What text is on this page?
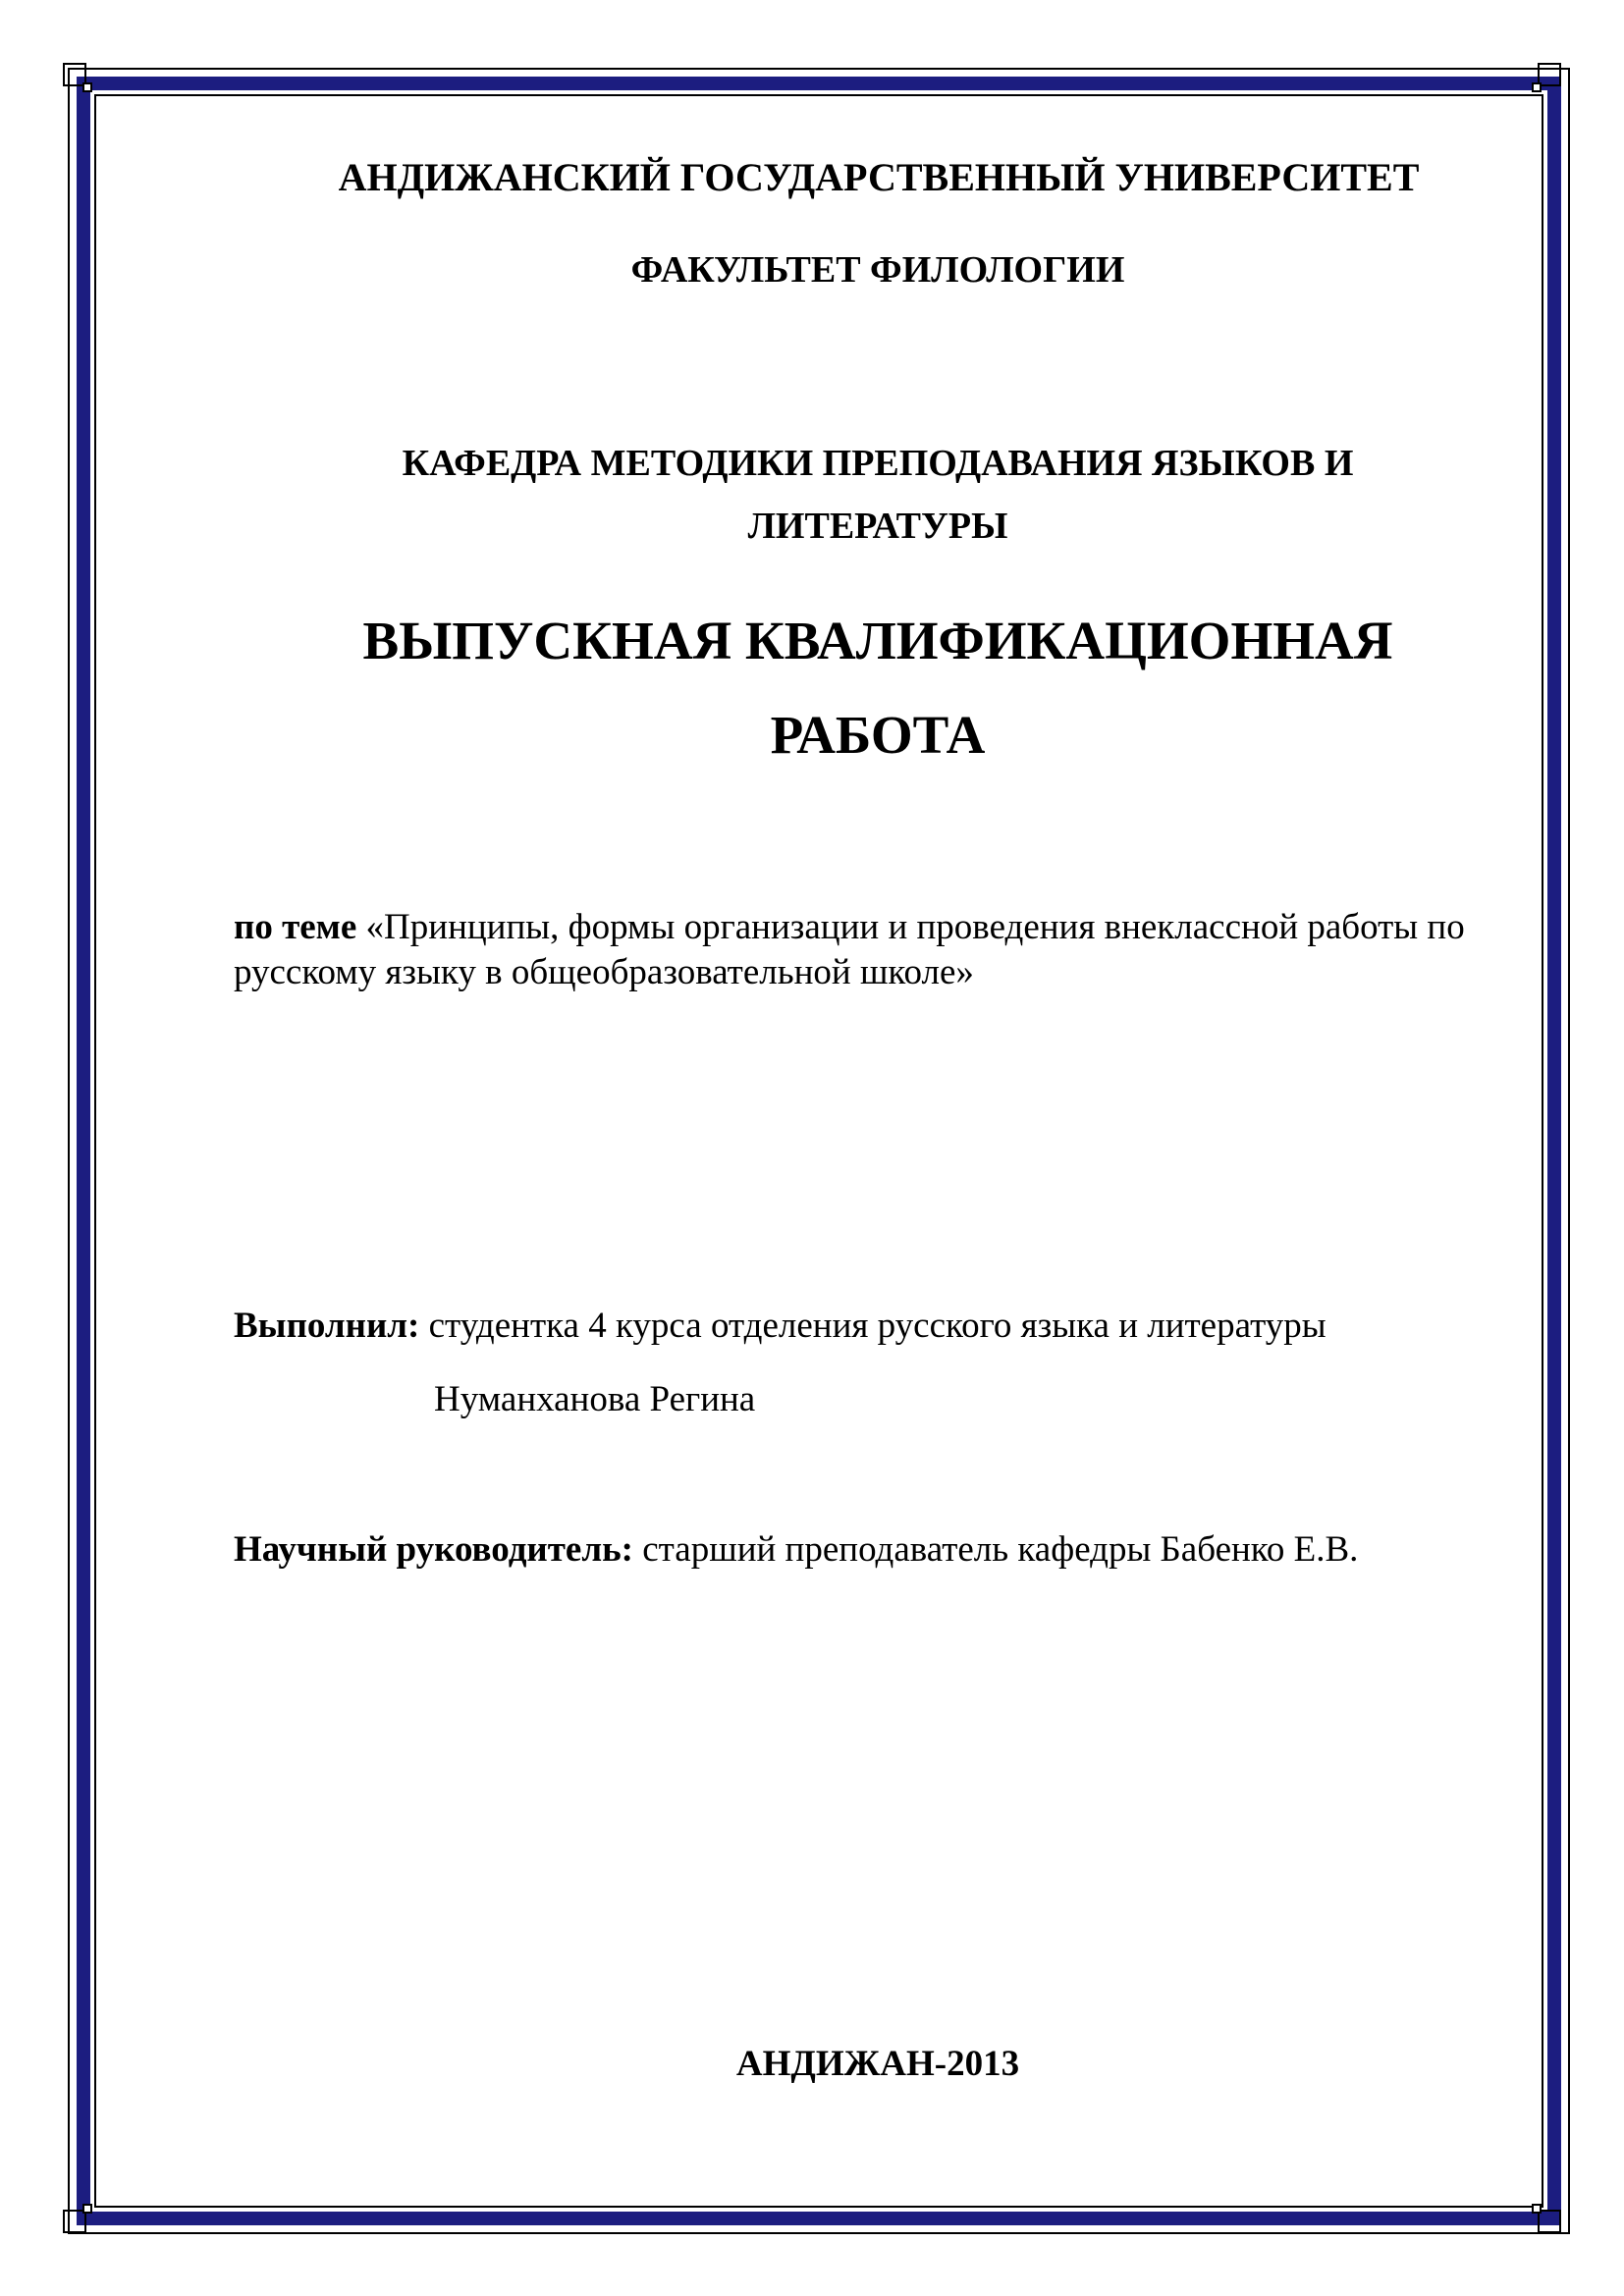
АНДИЖАНСКИЙ ГОСУДАРСТВЕННЫЙ УНИВЕРСИТЕТ
ФАКУЛЬТЕТ ФИЛОЛОГИИ
КАФЕДРА МЕТОДИКИ ПРЕПОДАВАНИЯ ЯЗЫКОВ И
ЛИТЕРАТУРЫ
ВЫПУСКНАЯ КВАЛИФИКАЦИОННАЯ
РАБОТА
по теме «Принципы, формы организации и проведения внеклассной работы по русскому языку в общеобразовательной школе»
Выполнил: студентка 4 курса отделения русского языка и литературы
Нуманханова Регина
Научный руководитель: старший преподаватель кафедры Бабенко Е.В.
АНДИЖАН-2013
